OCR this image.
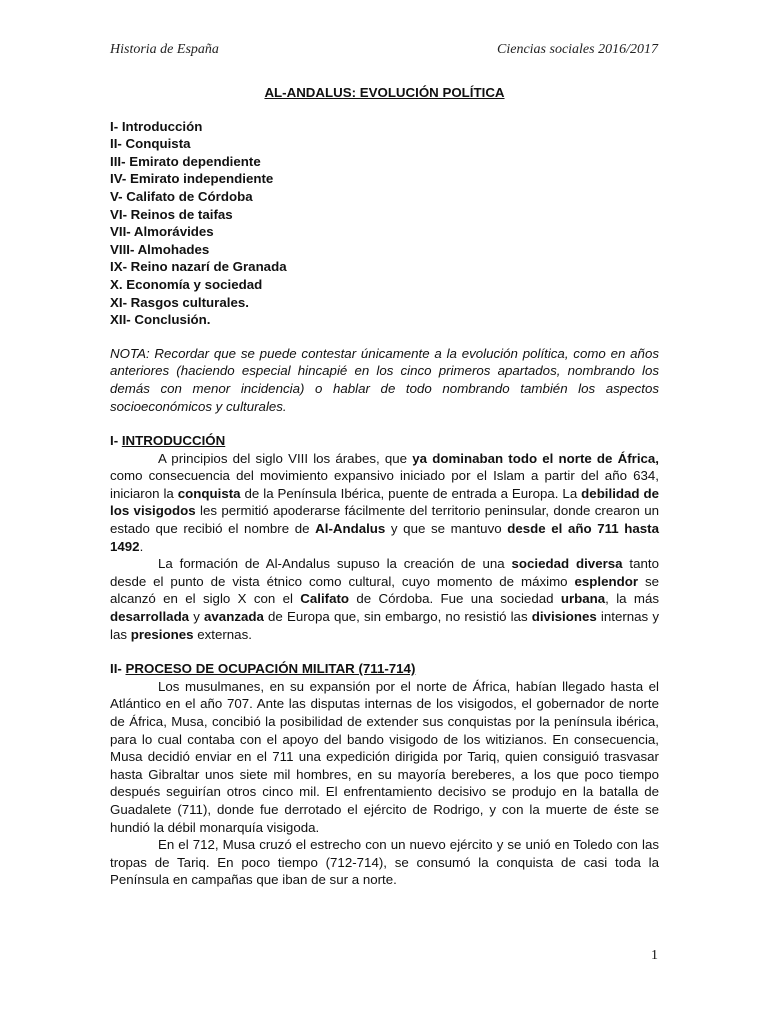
Historia de España	Ciencias sociales 2016/2017
AL-ANDALUS: EVOLUCIÓN POLÍTICA
I- Introducción
II- Conquista
III- Emirato dependiente
IV- Emirato independiente
V- Califato de Córdoba
VI- Reinos de taifas
VII- Almorávides
VIII- Almohades
IX- Reino nazarí de Granada
X. Economía y sociedad
XI- Rasgos culturales.
XII- Conclusión.

NOTA: Recordar que se puede contestar únicamente a la evolución política, como en años anteriores (haciendo especial hincapié en los cinco primeros apartados, nombrando los demás con menor incidencia) o hablar de todo nombrando también los aspectos socioeconómicos y culturales.

I- INTRODUCCIÓN

A principios del siglo VIII los árabes, que ya dominaban todo el norte de África, como consecuencia del movimiento expansivo iniciado por el Islam a partir del año 634, iniciaron la conquista de la Península Ibérica, puente de entrada a Europa. La debilidad de los visigodos les permitió apoderarse fácilmente del territorio peninsular, donde crearon un estado que recibió el nombre de Al-Andalus y que se mantuvo desde el año 711 hasta 1492.

La formación de Al-Andalus supuso la creación de una sociedad diversa tanto desde el punto de vista étnico como cultural, cuyo momento de máximo esplendor se alcanzó en el siglo X con el Califato de Córdoba. Fue una sociedad urbana, la más desarrollada y avanzada de Europa que, sin embargo, no resistió las divisiones internas y las presiones externas.

II- PROCESO DE OCUPACIÓN MILITAR (711-714)

Los musulmanes, en su expansión por el norte de África, habían llegado hasta el Atlántico en el año 707. Ante las disputas internas de los visigodos, el gobernador de norte de África, Musa, concibió la posibilidad de extender sus conquistas por la península ibérica, para lo cual contaba con el apoyo del bando visigodo de los witizianos. En consecuencia, Musa decidió enviar en el 711 una expedición dirigida por Tariq, quien consiguió trasvasar hasta Gibraltar unos siete mil hombres, en su mayoría bereberes, a los que poco tiempo después seguirían otros cinco mil. El enfrentamiento decisivo se produjo en la batalla de Guadalete (711), donde fue derrotado el ejército de Rodrigo, y con la muerte de éste se hundió la débil monarquía visigoda.

En el 712, Musa cruzó el estrecho con un nuevo ejército y se unió en Toledo con las tropas de Tariq. En poco tiempo (712-714), se consumó la conquista de casi toda la Península en campañas que iban de sur a norte.

1
